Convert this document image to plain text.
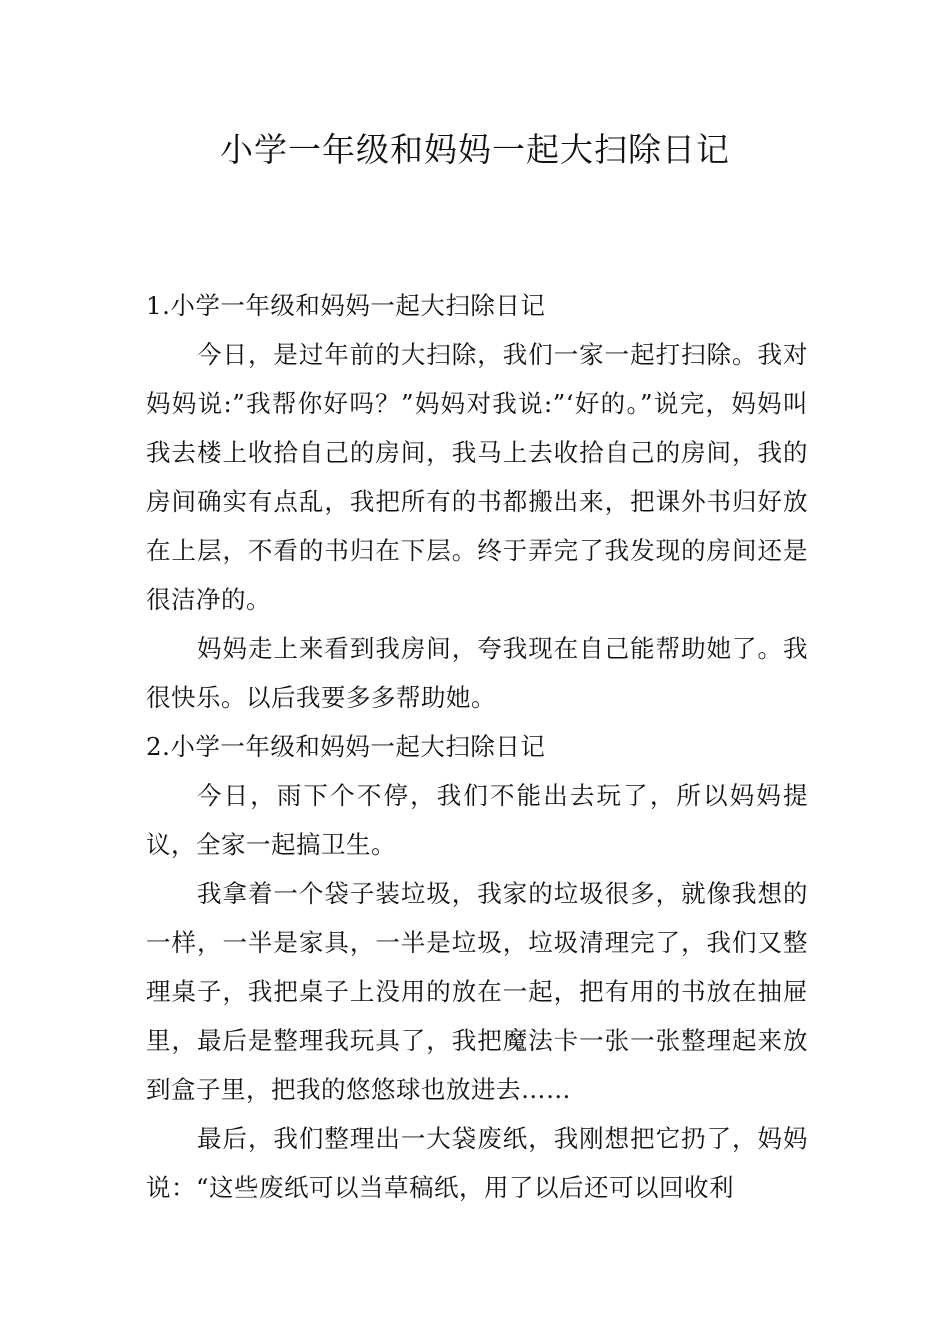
小学一年级和妈妈一起大扫除日记

1.小学一年级和妈妈一起大扫除日记

今日，是过年前的大扫除，我们一家一起打扫除。我对妈妈说:”我帮你好吗？”妈妈对我说:”‘好的。”说完，妈妈叫我去楼上收拾自己的房间，我马上去收拾自己的房间，我的房间确实有点乱，我把所有的书都搬出来，把课外书归好放在上层，不看的书归在下层。终于弄完了我发现的房间还是很洁净的。

妈妈走上来看到我房间，夸我现在自己能帮助她了。我很快乐。以后我要多多帮助她。

2.小学一年级和妈妈一起大扫除日记

今日，雨下个不停，我们不能出去玩了，所以妈妈提议，全家一起搞卫生。

我拿着一个袋子装垃圾，我家的垃圾很多，就像我想的一样，一半是家具，一半是垃圾，垃圾清理完了，我们又整理桌子，我把桌子上没用的放在一起，把有用的书放在抽屉里，最后是整理我玩具了，我把魔法卡一张一张整理起来放到盒子里，把我的悠悠球也放进去……

最后，我们整理出一大袋废纸，我刚想把它扔了，妈妈说：“这些废纸可以当草稿纸，用了以后还可以回收利
